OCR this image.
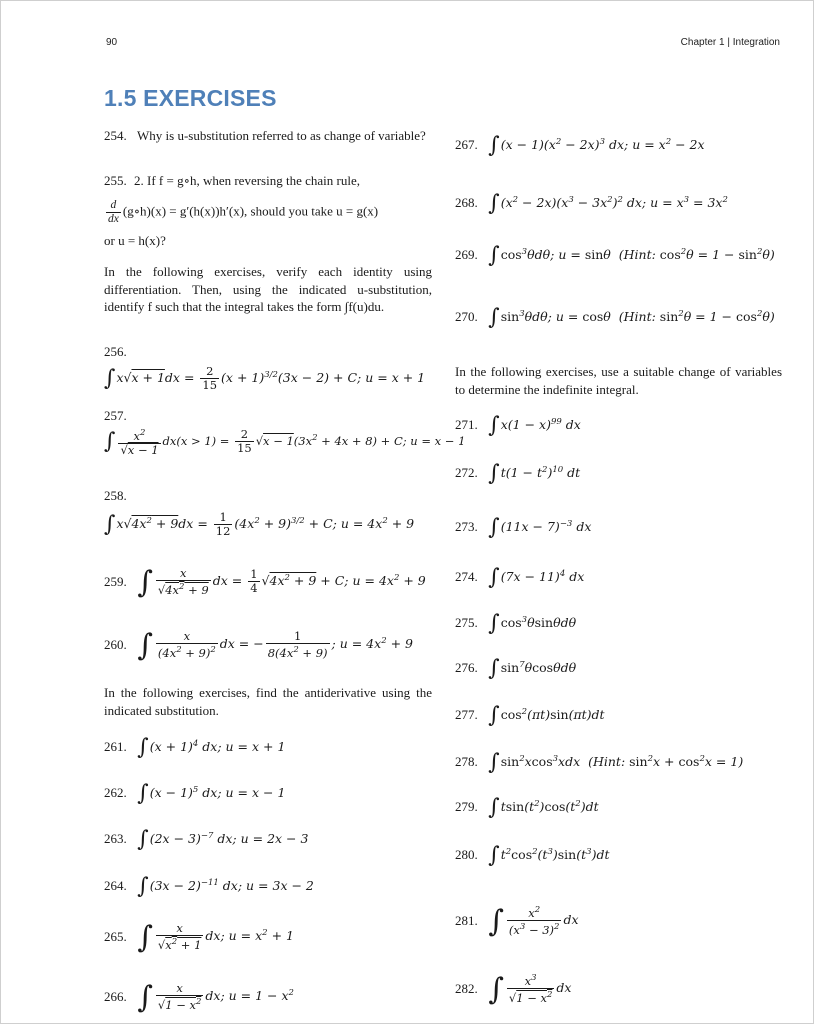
90	Chapter 1 | Integration
1.5 EXERCISES
254. Why is u-substitution referred to as change of variable?
255. 2. If f = g∘h, when reversing the chain rule,
$\frac{d}{dx}$ (g∘h)(x) = g′(h(x))h′(x), should you take u = g(x)
or u = h(x)?
In the following exercises, verify each identity using differentiation. Then, using the indicated u-substitution, identify f such that the integral takes the form ∫f(u)du.
256.
$\int x√x + 1dx = \frac{2}{15} (x + 1)^{3/2}(3x - 2) + C$; u = x + 1
257.
∫ $\frac{x^2}{√x - 1} dx(x > 1) = \frac{2}{15} √x - 1(3x^2 + 4x + 8) + C$; u = x − 1
258.
$\int x√4x^2 + 9dx = \frac{1}{12} (4x^2 + 9)^{3/2} + C$; $u = 4x^2 + 9$
259. ∫ $\frac{x}{√4x^2 + 9}$ dx = $\frac{1}{4} √4x^2 + 9 + C$; $u = 4x^2 + 9$
260. ∫ $\frac{x}{(4x^2 + 9)^2}$ dx = − $\frac{1}{8(4x^2 + 9)}$ ; $u = 4x^2 + 9$
In the following exercises, find the antiderivative using the indicated substitution.
261. $\int(x + 1)^4$ dx; u = x + 1
262. $\int(x - 1)^5$ dx; u = x − 1
263. $\int(2x - 3)^{-7}$ dx; u = 2x − 3
264. $\int(3x - 2)^{-11}$ dx; u = 3x − 2
265. ∫ $\frac{x}{√x^2 + 1}$ dx; $u = x^2 + 1$
266. ∫ $\frac{x}{√1 - x^2}$ dx; $u = 1 - x^2$
267. $\int(x - 1)(x^2 - 2x)^3$ dx; $u = x^2 - 2x$
268. $\int(x^2 - 2x)(x^3 - 3x^2)^2$ dx; $u = x^3 = 3x^2$
269. $\int\cos^3\theta d\theta$; u = sinθ  (Hint: $\cos^2\theta = 1 - \sin^2\theta$)
270. $\int\sin^3\theta d\theta$; u = cosθ  (Hint: $\sin^2\theta = 1 - \cos^2\theta$)
In the following exercises, use a suitable change of variables to determine the indefinite integral.
271. $\int x(1 - x)^{99}$ dx
272. $\int t(1 - t^2)^{10}$ dt
273. $\int(11x - 7)^{-3}$ dx
274. $\int(7x - 11)^4$ dx
275. $\int\cos^3\theta\sin\theta d\theta$
276. $\int\sin^7\theta\cos\theta d\theta$
277. $\int\cos^2(\pi t)\sin(\pi t)dt$
278. $\int\sin^2xcos^3xdx$  (Hint: $\sin^2x + \cos^2x = 1$)
279. $\int tsin(t^2)\cos(t^2)dt$
280. $\int t^2\cos^2(t^3)\sin(t^3)dt$
281. ∫ $\frac{x^2}{(x^3 - 3)^2}$ dx
282. ∫ $\frac{x^3}{√1 - x^2}$ dx
